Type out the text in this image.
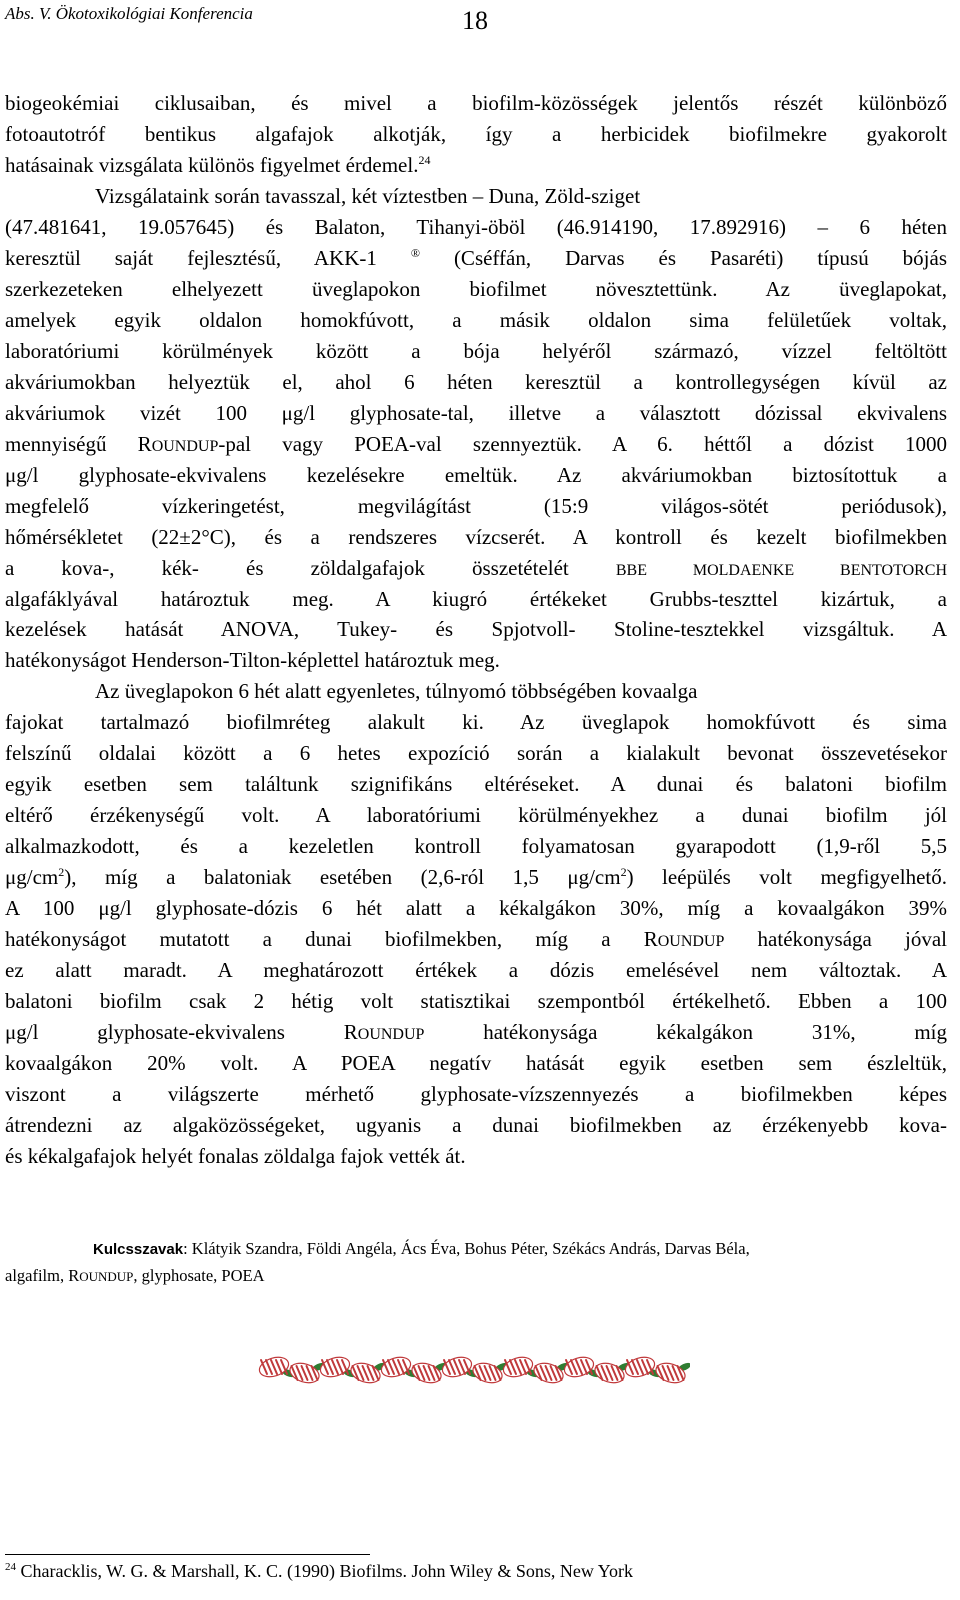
Abs. V. Ökotoxikológiai Konferencia	18
biogeokémiai ciklusaiban, és mivel a biofilm-közösségek jelentős részét különböző
fotoautotróf bentikus algafajok alkotják, így a herbicidek biofilmekre gyakorolt
hatásainak vizsgálata különös figyelmet érdemel.$^{24}$
Vizsgálataink során tavasszal, két víztestben – Duna, Zöld-sziget
(47.481641, 19.057645) és Balaton, Tihanyi-öböl (46.914190, 17.892916) – 6 héten
keresztül saját fejlesztésű, AKK-1	® (Cséffán, Darvas és Pasaréti) típusú bójás
szerkezeteken elhelyezett üveglapokon biofilmet növesztettünk. Az üveglapokat,
amelyek egyik oldalon homokfúvott, a másik oldalon sima felületűek voltak,
laboratóriumi körülmények között a bója helyéről származó, vízzel feltöltött
akváriumokban helyeztük el, ahol 6 héten keresztül a kontrollegységen kívül az
akváriumok vizét 100 μg/l glyphosate-tal, illetve a választott dózissal ekvivalens
mennyiségű ROUNDUP-pal vagy POEA-val szennyeztük. A 6. héttől a dózist 1000
μg/l glyphosate-ekvivalens kezelésekre emeltük. Az akváriumokban biztosítottuk a
megfelelő vízkeringetést, megvilágítást (15:9 világos-sötét periódusok),
hőmérsékletet (22±2°C), és a rendszeres vízcserét. A kontroll és kezelt biofilmekben
a kova-, kék- és zöldalgafajok összetételét BBE MOLDAENKE BENTOTORCH
algafáklyával határoztuk meg. A kiugró értékeket Grubbs-teszttel kizártuk, a
kezelések hatását ANOVA, Tukey- és Spjotvoll- Stoline-tesztekkel vizsgáltuk. A
hatékonyságot Henderson-Tilton-képlettel határoztuk meg.
Az üveglapokon 6 hét alatt egyenletes, túlnyomó többségében kovaalga
fajokat tartalmazó biofilmréteg alakult ki. Az üveglapok homokfúvott és sima
felszínű oldalai között a 6 hetes expozíció során a kialakult bevonat összevetésekor
egyik esetben sem találtunk szignifikáns eltéréseket. A dunai és balatoni biofilm
eltérő érzékenységű volt. A laboratóriumi körülményekhez a dunai biofilm jól
alkalmazkodott, és a kezeletlen kontroll folyamatosan gyarapodott (1,9-ről 5,5
$\mu g/cm^2$), míg a balatoniak esetében (2,6-ról 1,5 $\mu g/cm^2$) leépülés volt megfigyelhető.
A 100 μg/l glyphosate-dózis 6 hét alatt a kékalgákon 30%, míg a kovaalgákon 39%
hatékonyságot mutatott a dunai biofilmekben, míg a ROUNDUP hatékonysága jóval
ez alatt maradt. A meghatározott értékek a dózis emelésével nem változtak. A
balatoni biofilm csak 2 hétig volt statisztikai szempontból értékelhető. Ebben a 100
μg/l glyphosate-ekvivalens ROUNDUP hatékonysága kékalgákon 31%, míg
kovaalgákon 20% volt. A POEA negatív hatását egyik esetben sem észleltük,
viszont a világszerte mérhető glyphosate-vízszennyezés a biofilmekben képes
átrendezni az algaközösségeket, ugyanis a dunai biofilmekben az érzékenyebb kova-
és kékalgafajok helyét fonalas zöldalga fajok vették át.
Kulcsszavak: Klátyik Szandra, Földi Angéla, Ács Éva, Bohus Péter, Székács András, Darvas Béla,
algafilm, ROUNDUP, glyphosate, POEA
$^{24}$ Characklis, W. G. & Marshall, K. C. (1990) Biofilms. John Wiley & Sons, New York
